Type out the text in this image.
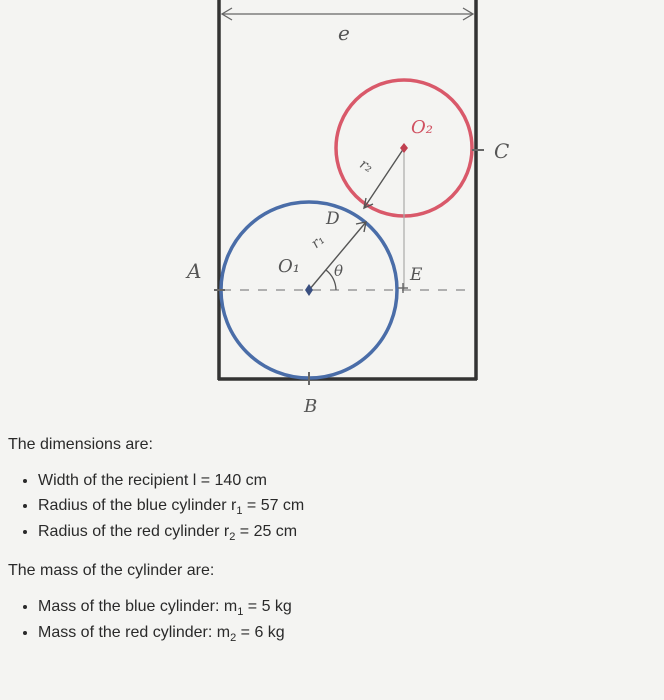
e
A
B
C
D
E
O₁
O₂
r₁
r₂
θ

The dimensions are:

• Width of the recipient l = 140 cm
• Radius of the blue cylinder $r_1 = 57$ cm
• Radius of the red cylinder $r_2 = 25$ cm

The mass of the cylinder are:

• Mass of the blue cylinder: $m_1 = 5$ kg
• Mass of the red cylinder: $m_2 = 6$ kg
